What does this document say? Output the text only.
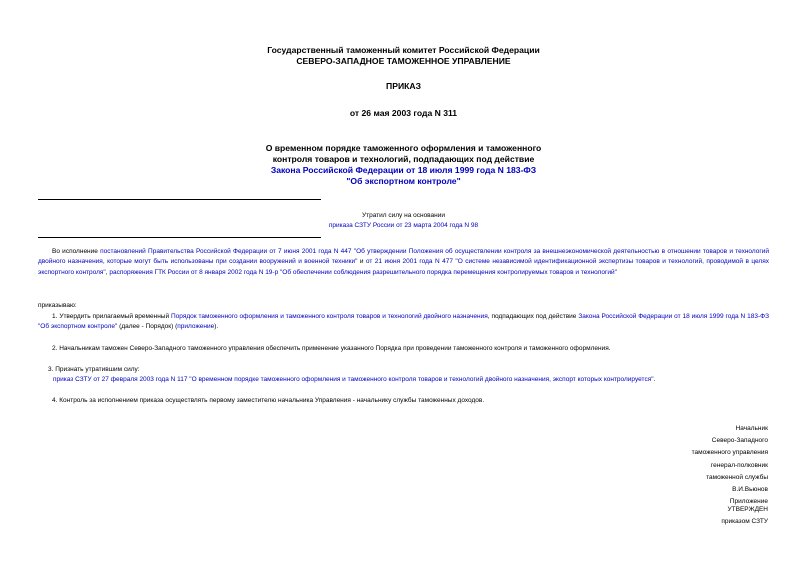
Государственный таможенный комитет Российской Федерации
СЕВЕРО-ЗАПАДНОЕ ТАМОЖЕННОЕ УПРАВЛЕНИЕ
ПРИКАЗ
от 26 мая 2003 года N 311
О временном порядке таможенного оформления и таможенного
контроля товаров и технологий, подпадающих под действие
Закона Российской Федерации от 18 июля 1999 года N 183-ФЗ
"Об экспортном контроле"
Утратил силу на основании
приказа СЗТУ России от 23 марта 2004 года N 98
Во исполнение постановлений Правительства Российской Федерации от 7 июня 2001 года N 447 "Об утверждении Положения об осуществлении контроля за внешнеэкономической деятельностью в отношении товаров и технологий двойного назначения, которые могут быть использованы при создании вооружений и военной техники" и от 21 июня 2001 года N 477 "О системе независимой идентификационной экспертизы товаров и технологий, проводимой в целях экспортного контроля", распоряжения ГТК России от 8 января 2002 года N 19-р "Об обеспечении соблюдения разрешительного порядка перемещения контролируемых товаров и технологий"
приказываю:
1. Утвердить прилагаемый временный Порядок таможенного оформления и таможенного контроля товаров и технологий двойного назначения, подпадающих под действие Закона Российской Федерации от 18 июля 1999 года N 183-ФЗ "Об экспортном контроле" (далее - Порядок) (приложение).
2. Начальникам таможен Северо-Западного таможенного управления обеспечить применение указанного Порядка при проведении таможенного контроля и таможенного оформления.
3. Признать утратившим силу:
приказ СЗТУ от 27 февраля 2003 года N 117 "О временном порядке таможенного оформления и таможенного контроля товаров и технологий двойного назначения, экспорт которых контролируется".
4. Контроль за исполнением приказа осуществлять первому заместителю начальника Управления - начальнику службы таможенных доходов.
Начальник
Северо-Западного
таможенного управления
генерал-полковник
таможенной службы
В.И.Вьюнов
Приложение
УТВЕРЖДЕН
приказом СЗТУ
